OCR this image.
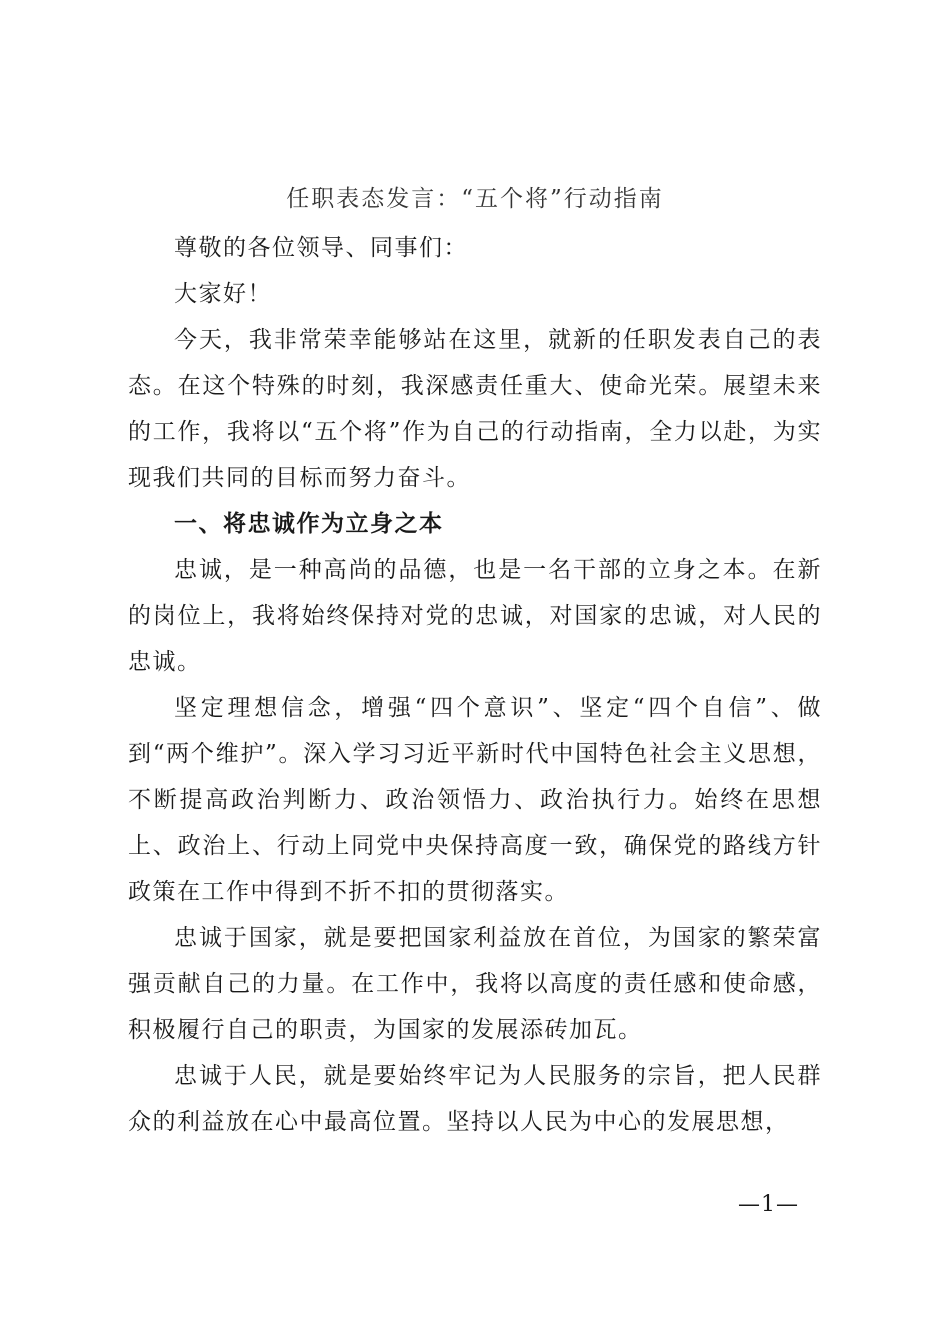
任职表态发言：“五个将”行动指南

尊敬的各位领导、同事们：

大家好！

今天，我非常荣幸能够站在这里，就新的任职发表自己的表态。在这个特殊的时刻，我深感责任重大、使命光荣。展望未来的工作，我将以“五个将”作为自己的行动指南，全力以赴，为实现我们共同的目标而努力奋斗。

一、将忠诚作为立身之本

忠诚，是一种高尚的品德，也是一名干部的立身之本。在新的岗位上，我将始终保持对党的忠诚，对国家的忠诚，对人民的忠诚。

坚定理想信念，增强“四个意识”、坚定“四个自信”、做到“两个维护”。深入学习习近平新时代中国特色社会主义思想，不断提高政治判断力、政治领悟力、政治执行力。始终在思想上、政治上、行动上同党中央保持高度一致，确保党的路线方针政策在工作中得到不折不扣的贯彻落实。

忠诚于国家，就是要把国家利益放在首位，为国家的繁荣富强贡献自己的力量。在工作中，我将以高度的责任感和使命感，积极履行自己的职责，为国家的发展添砖加瓦。

忠诚于人民，就是要始终牢记为人民服务的宗旨，把人民群众的利益放在心中最高位置。坚持以人民为中心的发展思想，

—1—
